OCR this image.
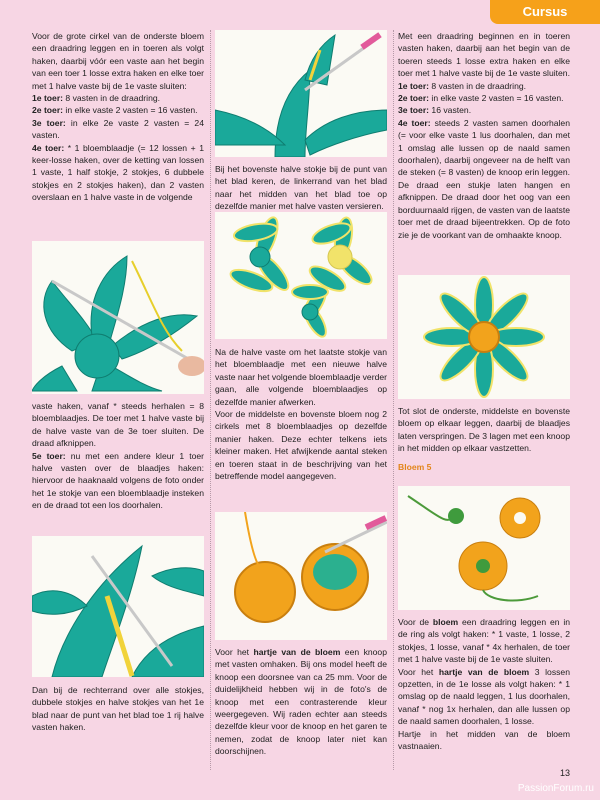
Cursus

Voor de grote cirkel van de onderste bloem een draadring leggen en in toeren als volgt haken, daarbij vóór een vaste aan het begin van een toer 1 losse extra haken en elke toer met 1 halve vaste bij de 1e vaste sluiten:

1e toer: 8 vasten in de draadring.

2e toer: in elke vaste 2 vasten = 16 vasten.

3e toer: in elke 2e vaste 2 vasten = 24 vasten.

4e toer: * 1 bloemblaadje (= 12 lossen + 1 keer-losse haken, over de ketting van lossen 1 vaste, 1 half stokje, 2 stokjes, 6 dubbele stokjes en 2 stokjes haken), dan 2 vasten overslaan en 1 halve vaste in de volgende

vaste haken, vanaf * steeds herhalen = 8 bloemblaadjes. De toer met 1 halve vaste bij de halve vaste van de 3e toer sluiten. De draad afknippen.

5e toer: nu met een andere kleur 1 toer halve vasten over de blaadjes haken: hiervoor de haaknaald volgens de foto onder het 1e stokje van een bloemblaadje insteken en de draad tot een los doorhalen.

Dan bij de rechterrand over alle stokjes, dubbele stokjes en halve stokjes van het 1e blad naar de punt van het blad toe 1 rij halve vasten haken.

Bij het bovenste halve stokje bij de punt van het blad keren, de linkerrand van het blad naar het midden van het blad toe op dezelfde manier met halve vasten versieren.

Na de halve vaste om het laatste stokje van het bloemblaadje met een nieuwe halve vaste naar het volgende bloemblaadje verder gaan, alle volgende bloemblaadjes op dezelfde manier afwerken.

Voor de middelste en bovenste bloem nog 2 cirkels met 8 bloemblaadjes op dezelfde manier haken. Deze echter telkens iets kleiner maken. Het afwijkende aantal steken en toeren staat in de beschrijving van het betreffende model aangegeven.

Voor het hartje van de bloem een knoop met vasten omhaken. Bij ons model heeft de knoop een doorsnee van ca 25 mm. Voor de duidelijkheid hebben wij in de foto's de knoop met een contrasterende kleur weergegeven. Wij raden echter aan steeds dezelfde kleur voor de knoop en het garen te nemen, zodat de knoop later niet kan doorschijnen.

Met een draadring beginnen en in toeren vasten haken, daarbij aan het begin van de toeren steeds 1 losse extra haken en elke toer met 1 halve vaste bij de 1e vaste sluiten.

1e toer: 8 vasten in de draadring.

2e toer: in elke vaste 2 vasten = 16 vasten.

3e toer: 16 vasten.

4e toer: steeds 2 vasten samen doorhalen (= voor elke vaste 1 lus doorhalen, dan met 1 omslag alle lussen op de naald samen doorhalen), daarbij ongeveer na de helft van de steken (= 8 vasten) de knoop erin leggen. De draad een stukje laten hangen en afknippen. De draad door het oog van een borduurnaald rijgen, de vasten van de laatste toer met de draad bijeentrekken. Op de foto zie je de voorkant van de omhaakte knoop.

Tot slot de onderste, middelste en bovenste bloem op elkaar leggen, daarbij de blaadjes laten verspringen. De 3 lagen met een knoop in het midden op elkaar vastzetten.

Bloem 5

Voor de bloem een draadring leggen en in de ring als volgt haken: * 1 vaste, 1 losse, 2 stokjes, 1 losse, vanaf * 4x herhalen, de toer met 1 halve vaste bij de 1e vaste sluiten.

Voor het hartje van de bloem 3 lossen opzetten, in de 1e losse als volgt haken: * 1 omslag op de naald leggen, 1 lus doorhalen, vanaf * nog 1x herhalen, dan alle lussen op de naald samen doorhalen, 1 losse.

Hartje in het midden van de bloem vastnaaien.

13
PassionForum.ru
